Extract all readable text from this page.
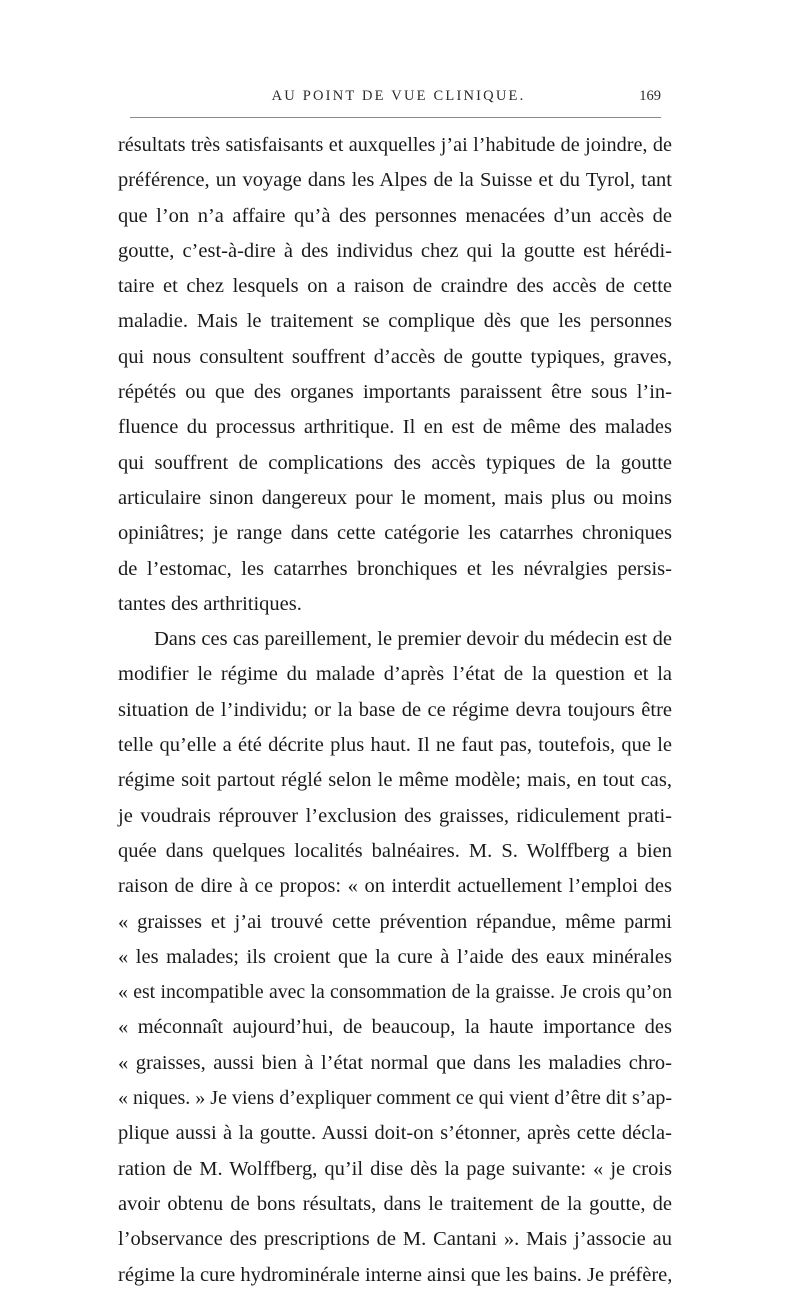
AU POINT DE VUE CLINIQUE.	169
résultats très satisfaisants et auxquelles j’ai l’habitude de joindre, de
préférence, un voyage dans les Alpes de la Suisse et du Tyrol, tant
que l’on n’a affaire qu’à des personnes menacées d’un accès de
goutte, c’est-à-dire à des individus chez qui la goutte est hérédi-
taire et chez lesquels on a raison de craindre des accès de cette
maladie. Mais le traitement se complique dès que les personnes
qui nous consultent souffrent d’accès de goutte typiques, graves,
répétés ou que des organes importants paraissent être sous l’in-
fluence du processus arthritique. Il en est de même des malades
qui souffrent de complications des accès typiques de la goutte
articulaire sinon dangereux pour le moment, mais plus ou moins
opiniâtres; je range dans cette catégorie les catarrhes chroniques
de l’estomac, les catarrhes bronchiques et les névralgies persis-
tantes des arthritiques.
Dans ces cas pareillement, le premier devoir du médecin est de
modifier le régime du malade d’après l’état de la question et la
situation de l’individu; or la base de ce régime devra toujours être
telle qu’elle a été décrite plus haut. Il ne faut pas, toutefois, que le
régime soit partout réglé selon le même modèle; mais, en tout cas,
je voudrais réprouver l’exclusion des graisses, ridiculement prati-
quée dans quelques localités balnéaires. M. S. Wolffberg a bien
raison de dire à ce propos: « on interdit actuellement l’emploi des
« graisses et j’ai trouvé cette prévention répandue, même parmi
« les malades; ils croient que la cure à l’aide des eaux minérales
« est incompatible avec la consommation de la graisse. Je crois qu’on
« méconnaît aujourd’hui, de beaucoup, la haute importance des
« graisses, aussi bien à l’état normal que dans les maladies chro-
« niques. » Je viens d’expliquer comment ce qui vient d’être dit s’ap-
plique aussi à la goutte. Aussi doit-on s’étonner, après cette décla-
ration de M. Wolffberg, qu’il dise dès la page suivante: « je crois
avoir obtenu de bons résultats, dans le traitement de la goutte, de
l’observance des prescriptions de M. Cantani ». Mais j’associe au
régime la cure hydrominérale interne ainsi que les bains. Je préfère,
